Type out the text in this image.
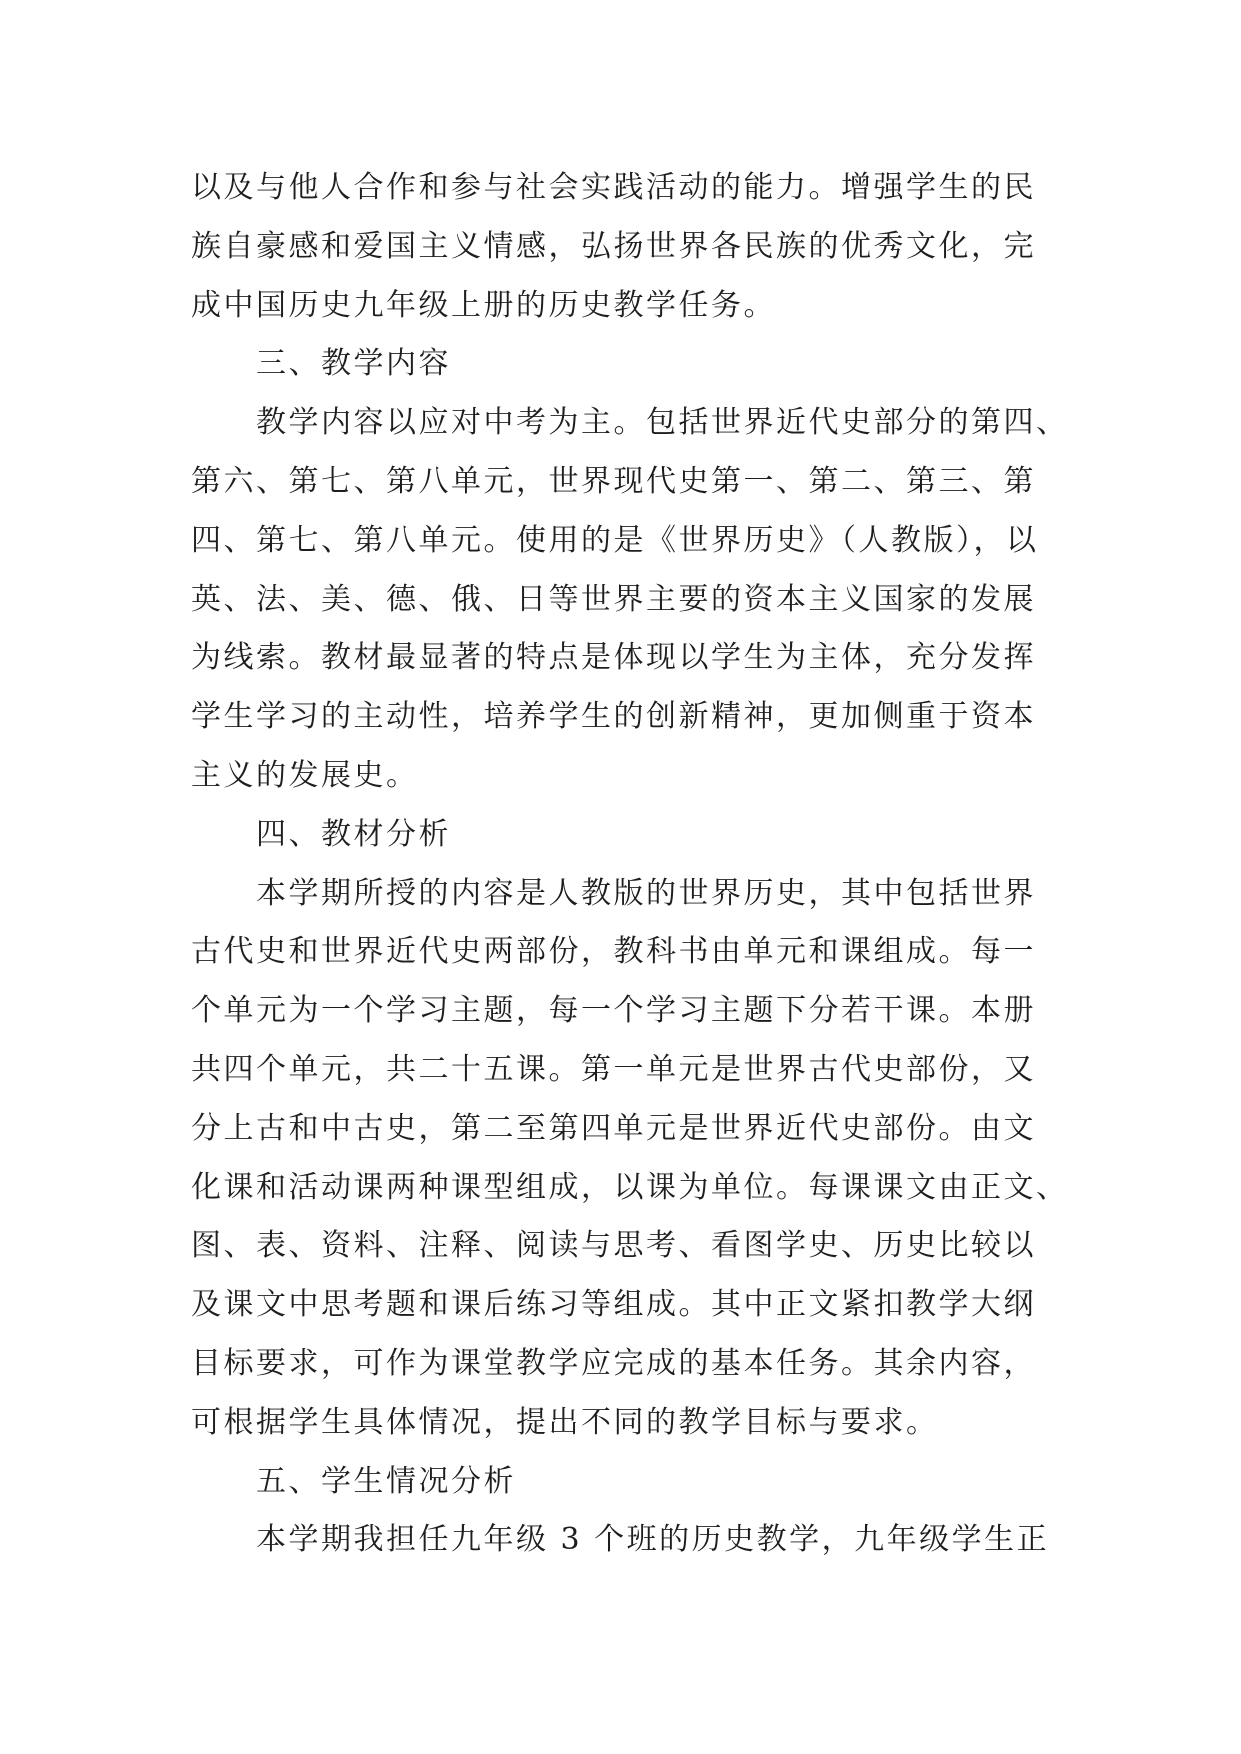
以及与他人合作和参与社会实践活动的能力。增强学生的民
族自豪感和爱国主义情感，弘扬世界各民族的优秀文化，完
成中国历史九年级上册的历史教学任务。
三、教学内容
教学内容以应对中考为主。包括世界近代史部分的第四、
第六、第七、第八单元，世界现代史第一、第二、第三、第
四、第七、第八单元。使用的是《世界历史》（人教版），以
英、法、美、德、俄、日等世界主要的资本主义国家的发展
为线索。教材最显著的特点是体现以学生为主体，充分发挥
学生学习的主动性，培养学生的创新精神，更加侧重于资本
主义的发展史。
四、教材分析
本学期所授的内容是人教版的世界历史，其中包括世界
古代史和世界近代史两部份，教科书由单元和课组成。每一
个单元为一个学习主题，每一个学习主题下分若干课。本册
共四个单元，共二十五课。第一单元是世界古代史部份，又
分上古和中古史，第二至第四单元是世界近代史部份。由文
化课和活动课两种课型组成，以课为单位。每课课文由正文、
图、表、资料、注释、阅读与思考、看图学史、历史比较以
及课文中思考题和课后练习等组成。其中正文紧扣教学大纲
目标要求，可作为课堂教学应完成的基本任务。其余内容，
可根据学生具体情况，提出不同的教学目标与要求。
五、学生情况分析
本学期我担任九年级 3 个班的历史教学，九年级学生正
